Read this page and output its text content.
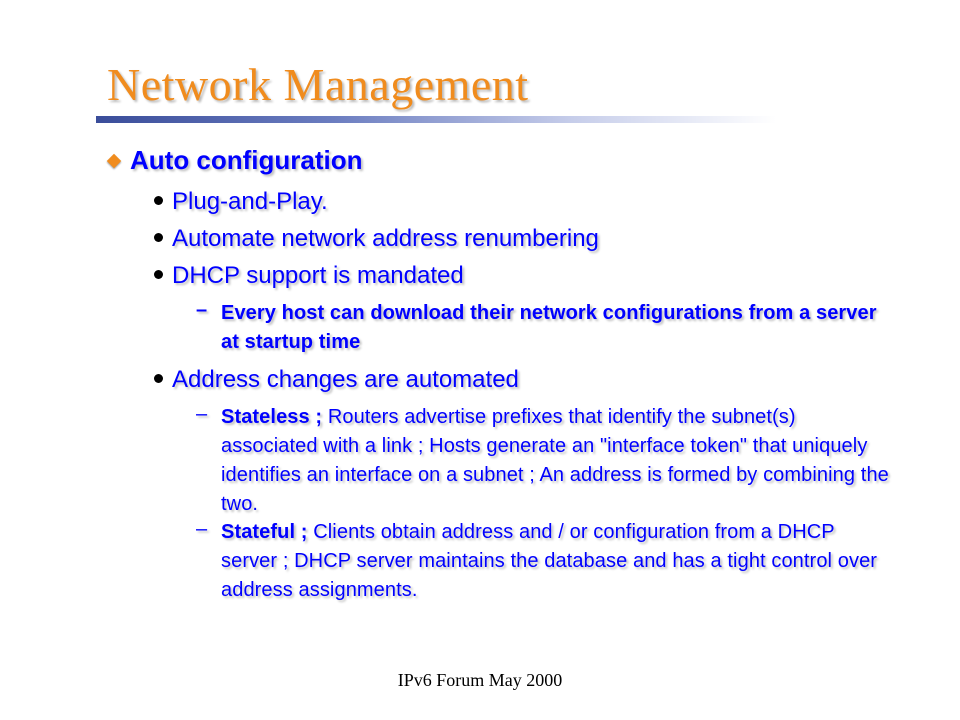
Network Management
Auto configuration
Plug-and-Play.
Automate network address renumbering
DHCP support is mandated
– Every host can download their network configurations from a server at startup time
Address changes are automated
– Stateless ; Routers advertise prefixes that identify the subnet(s) associated with a link ; Hosts generate an "interface token" that uniquely identifies an interface on a subnet ; An address is formed by combining the two.
– Stateful ; Clients obtain address and / or configuration from a DHCP server ; DHCP server maintains the database and has a tight control over address assignments.
IPv6 Forum May 2000
